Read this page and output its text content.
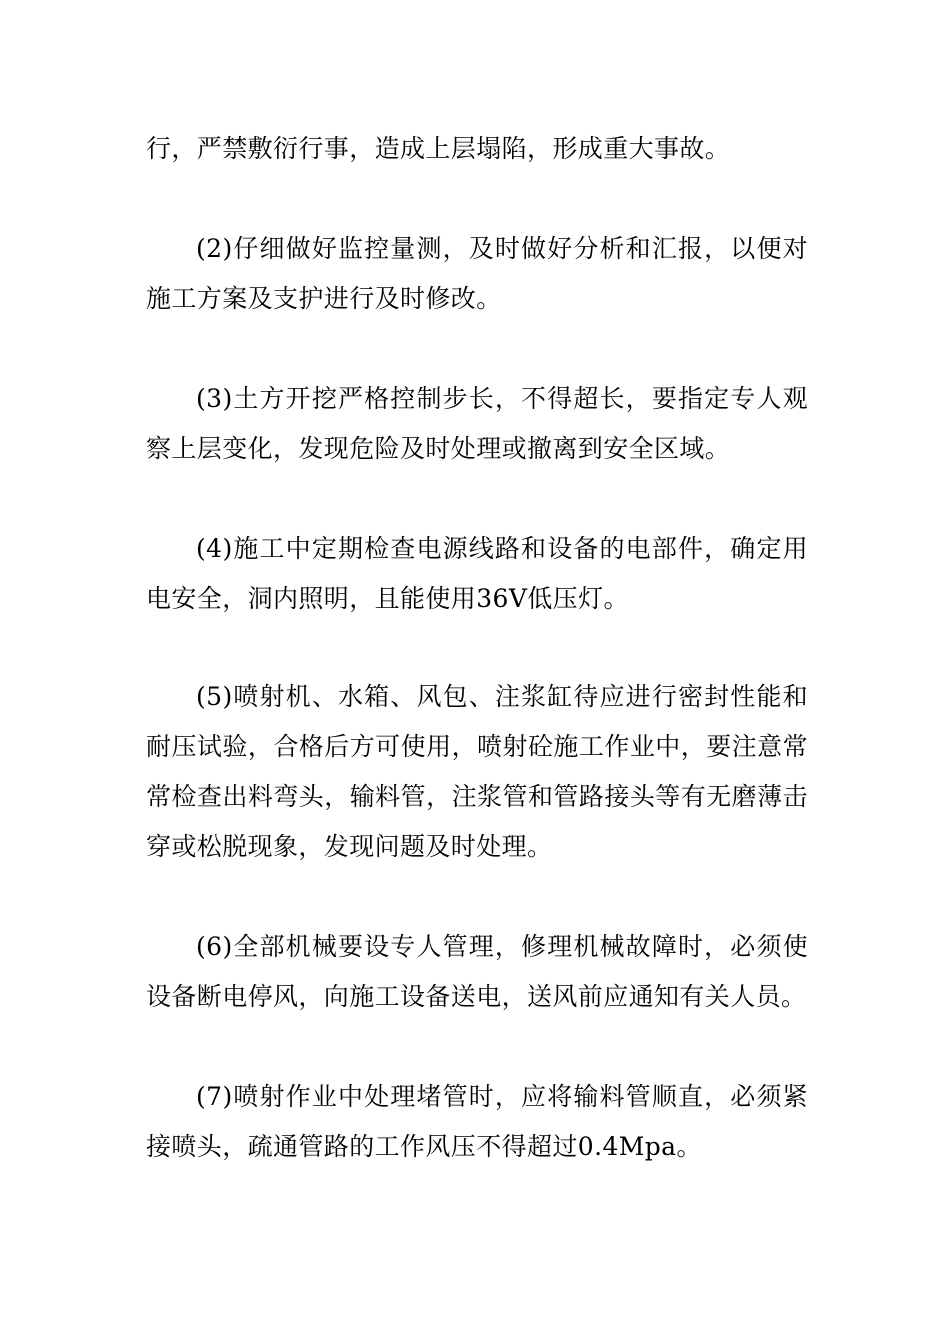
行，严禁敷衍行事，造成上层塌陷，形成重大事故。

(2)仔细做好监控量测，及时做好分析和汇报，以便对施工方案及支护进行及时修改。

(3)土方开挖严格控制步长，不得超长，要指定专人观察上层变化，发现危险及时处理或撤离到安全区域。

(4)施工中定期检查电源线路和设备的电部件，确定用电安全，洞内照明，且能使用36V低压灯。

(5)喷射机、水箱、风包、注浆缸待应进行密封性能和耐压试验，合格后方可使用，喷射砼施工作业中，要注意常常检查出料弯头，输料管，注浆管和管路接头等有无磨薄击穿或松脱现象，发现问题及时处理。

(6)全部机械要设专人管理，修理机械故障时，必须使设备断电停风，向施工设备送电，送风前应通知有关人员。

(7)喷射作业中处理堵管时，应将输料管顺直，必须紧接喷头，疏通管路的工作风压不得超过0.4Mpa。
